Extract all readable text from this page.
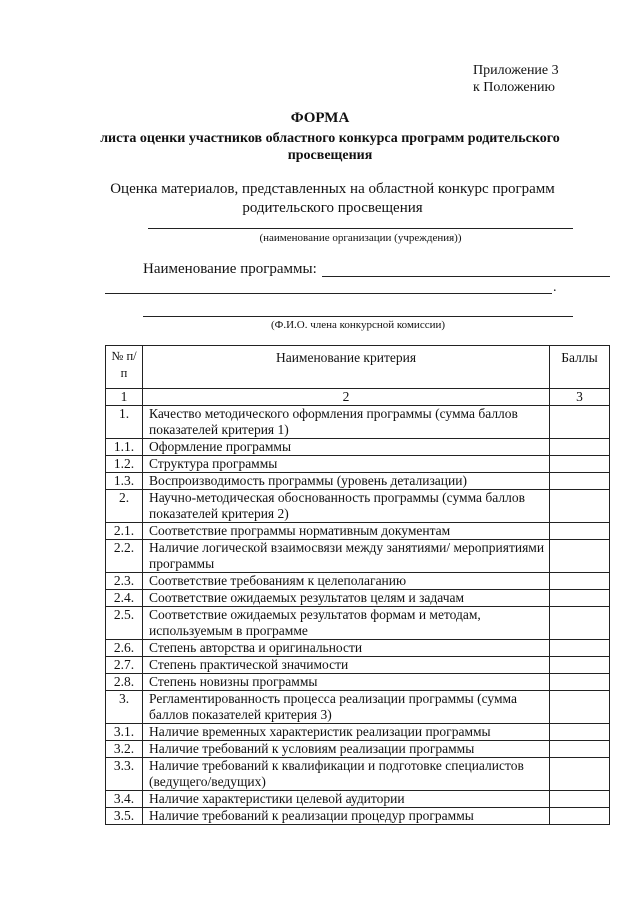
Приложение 3
к Положению
ФОРМА
листа оценки участников областного конкурса программ родительского просвещения
Оценка материалов, представленных на областной конкурс программ родительского просвещения
(наименование организации (учреждения))
Наименование программы:
.
(Ф.И.О. члена конкурсной комиссии)
№ п/п	Наименование критерия	Баллы
1	2	3
1.	Качество методического оформления программы (сумма баллов показателей критерия 1)	
1.1.	Оформление программы	
1.2.	Структура программы	
1.3.	Воспроизводимость программы (уровень детализации)	
2.	Научно-методическая обоснованность программы (сумма баллов показателей критерия 2)	
2.1.	Соответствие программы нормативным документам	
2.2.	Наличие логической взаимосвязи между занятиями/ мероприятиями программы	
2.3.	Соответствие требованиям к целеполаганию	
2.4.	Соответствие ожидаемых результатов целям и задачам	
2.5.	Соответствие ожидаемых результатов формам и методам, используемым в программе	
2.6.	Степень авторства и оригинальности	
2.7.	Степень практической значимости	
2.8.	Степень новизны программы	
3.	Регламентированность процесса реализации программы (сумма баллов показателей критерия 3)	
3.1.	Наличие временных характеристик реализации программы	
3.2.	Наличие требований к условиям реализации программы	
3.3.	Наличие требований к квалификации и подготовке специалистов (ведущего/ведущих)	
3.4.	Наличие характеристики целевой аудитории	
3.5.	Наличие требований к реализации процедур программы	
